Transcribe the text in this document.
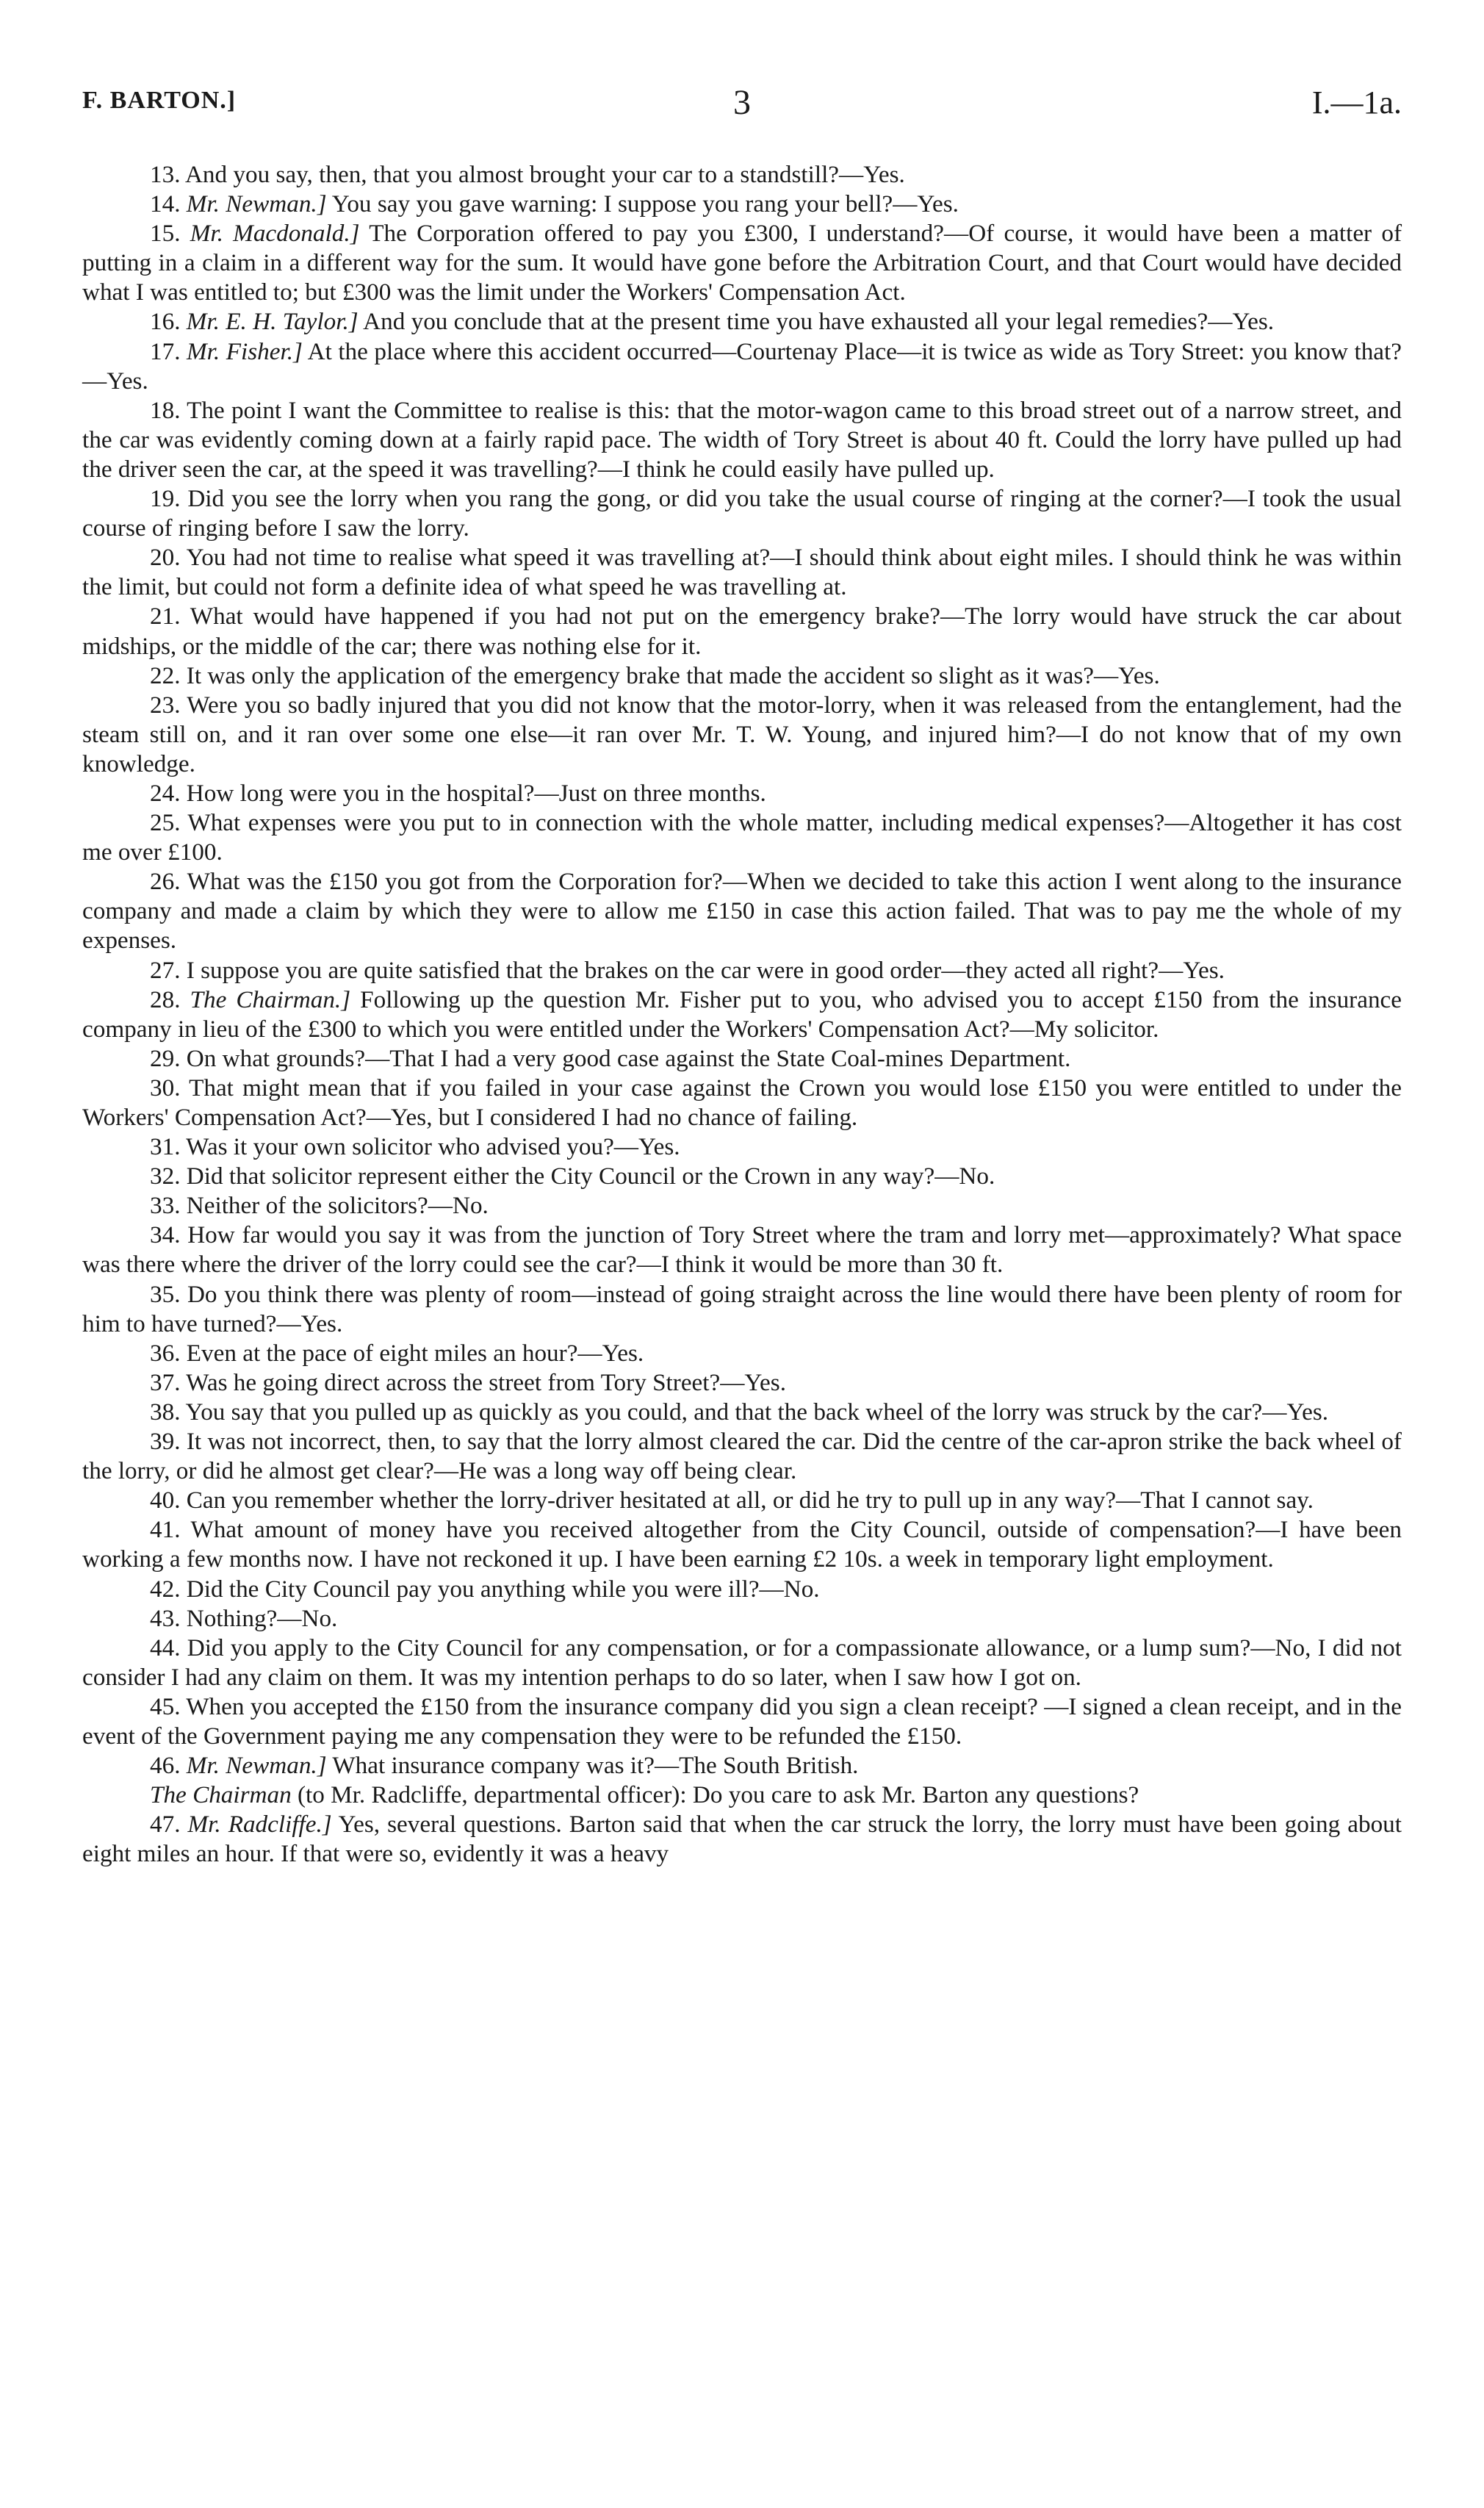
F. BARTON.]	3	I.—1a.

13. And you say, then, that you almost brought your car to a standstill?—Yes.

14. Mr. Newman.] You say you gave warning: I suppose you rang your bell?—Yes.

15. Mr. Macdonald.] The Corporation offered to pay you £300, I understand?—Of course, it would have been a matter of putting in a claim in a different way for the sum. It would have gone before the Arbitration Court, and that Court would have decided what I was entitled to; but £300 was the limit under the Workers' Compensation Act.

16. Mr. E. H. Taylor.] And you conclude that at the present time you have exhausted all your legal remedies?—Yes.

17. Mr. Fisher.] At the place where this accident occurred—Courtenay Place—it is twice as wide as Tory Street: you know that?—Yes.

18. The point I want the Committee to realise is this: that the motor-wagon came to this broad street out of a narrow street, and the car was evidently coming down at a fairly rapid pace. The width of Tory Street is about 40 ft. Could the lorry have pulled up had the driver seen the car, at the speed it was travelling?—I think he could easily have pulled up.

19. Did you see the lorry when you rang the gong, or did you take the usual course of ringing at the corner?—I took the usual course of ringing before I saw the lorry.

20. You had not time to realise what speed it was travelling at?—I should think about eight miles. I should think he was within the limit, but could not form a definite idea of what speed he was travelling at.

21. What would have happened if you had not put on the emergency brake?—The lorry would have struck the car about midships, or the middle of the car; there was nothing else for it.

22. It was only the application of the emergency brake that made the accident so slight as it was?—Yes.

23. Were you so badly injured that you did not know that the motor-lorry, when it was released from the entanglement, had the steam still on, and it ran over some one else—it ran over Mr. T. W. Young, and injured him?—I do not know that of my own knowledge.

24. How long were you in the hospital?—Just on three months.

25. What expenses were you put to in connection with the whole matter, including medical expenses?—Altogether it has cost me over £100.

26. What was the £150 you got from the Corporation for?—When we decided to take this action I went along to the insurance company and made a claim by which they were to allow me £150 in case this action failed. That was to pay me the whole of my expenses.

27. I suppose you are quite satisfied that the brakes on the car were in good order—they acted all right?—Yes.

28. The Chairman.] Following up the question Mr. Fisher put to you, who advised you to accept £150 from the insurance company in lieu of the £300 to which you were entitled under the Workers' Compensation Act?—My solicitor.

29. On what grounds?—That I had a very good case against the State Coal-mines Department.

30. That might mean that if you failed in your case against the Crown you would lose £150 you were entitled to under the Workers' Compensation Act?—Yes, but I considered I had no chance of failing.

31. Was it your own solicitor who advised you?—Yes.

32. Did that solicitor represent either the City Council or the Crown in any way?—No.

33. Neither of the solicitors?—No.

34. How far would you say it was from the junction of Tory Street where the tram and lorry met—approximately? What space was there where the driver of the lorry could see the car?—I think it would be more than 30 ft.

35. Do you think there was plenty of room—instead of going straight across the line would there have been plenty of room for him to have turned?—Yes.

36. Even at the pace of eight miles an hour?—Yes.

37. Was he going direct across the street from Tory Street?—Yes.

38. You say that you pulled up as quickly as you could, and that the back wheel of the lorry was struck by the car?—Yes.

39. It was not incorrect, then, to say that the lorry almost cleared the car. Did the centre of the car-apron strike the back wheel of the lorry, or did he almost get clear?—He was a long way off being clear.

40. Can you remember whether the lorry-driver hesitated at all, or did he try to pull up in any way?—That I cannot say.

41. What amount of money have you received altogether from the City Council, outside of compensation?—I have been working a few months now. I have not reckoned it up. I have been earning £2 10s. a week in temporary light employment.

42. Did the City Council pay you anything while you were ill?—No.

43. Nothing?—No.

44. Did you apply to the City Council for any compensation, or for a compassionate allowance, or a lump sum?—No, I did not consider I had any claim on them. It was my intention perhaps to do so later, when I saw how I got on.

45. When you accepted the £150 from the insurance company did you sign a clean receipt? —I signed a clean receipt, and in the event of the Government paying me any compensation they were to be refunded the £150.

46. Mr. Newman.] What insurance company was it?—The South British.

The Chairman (to Mr. Radcliffe, departmental officer): Do you care to ask Mr. Barton any questions?

47. Mr. Radcliffe.] Yes, several questions. Barton said that when the car struck the lorry, the lorry must have been going about eight miles an hour. If that were so, evidently it was a heavy
